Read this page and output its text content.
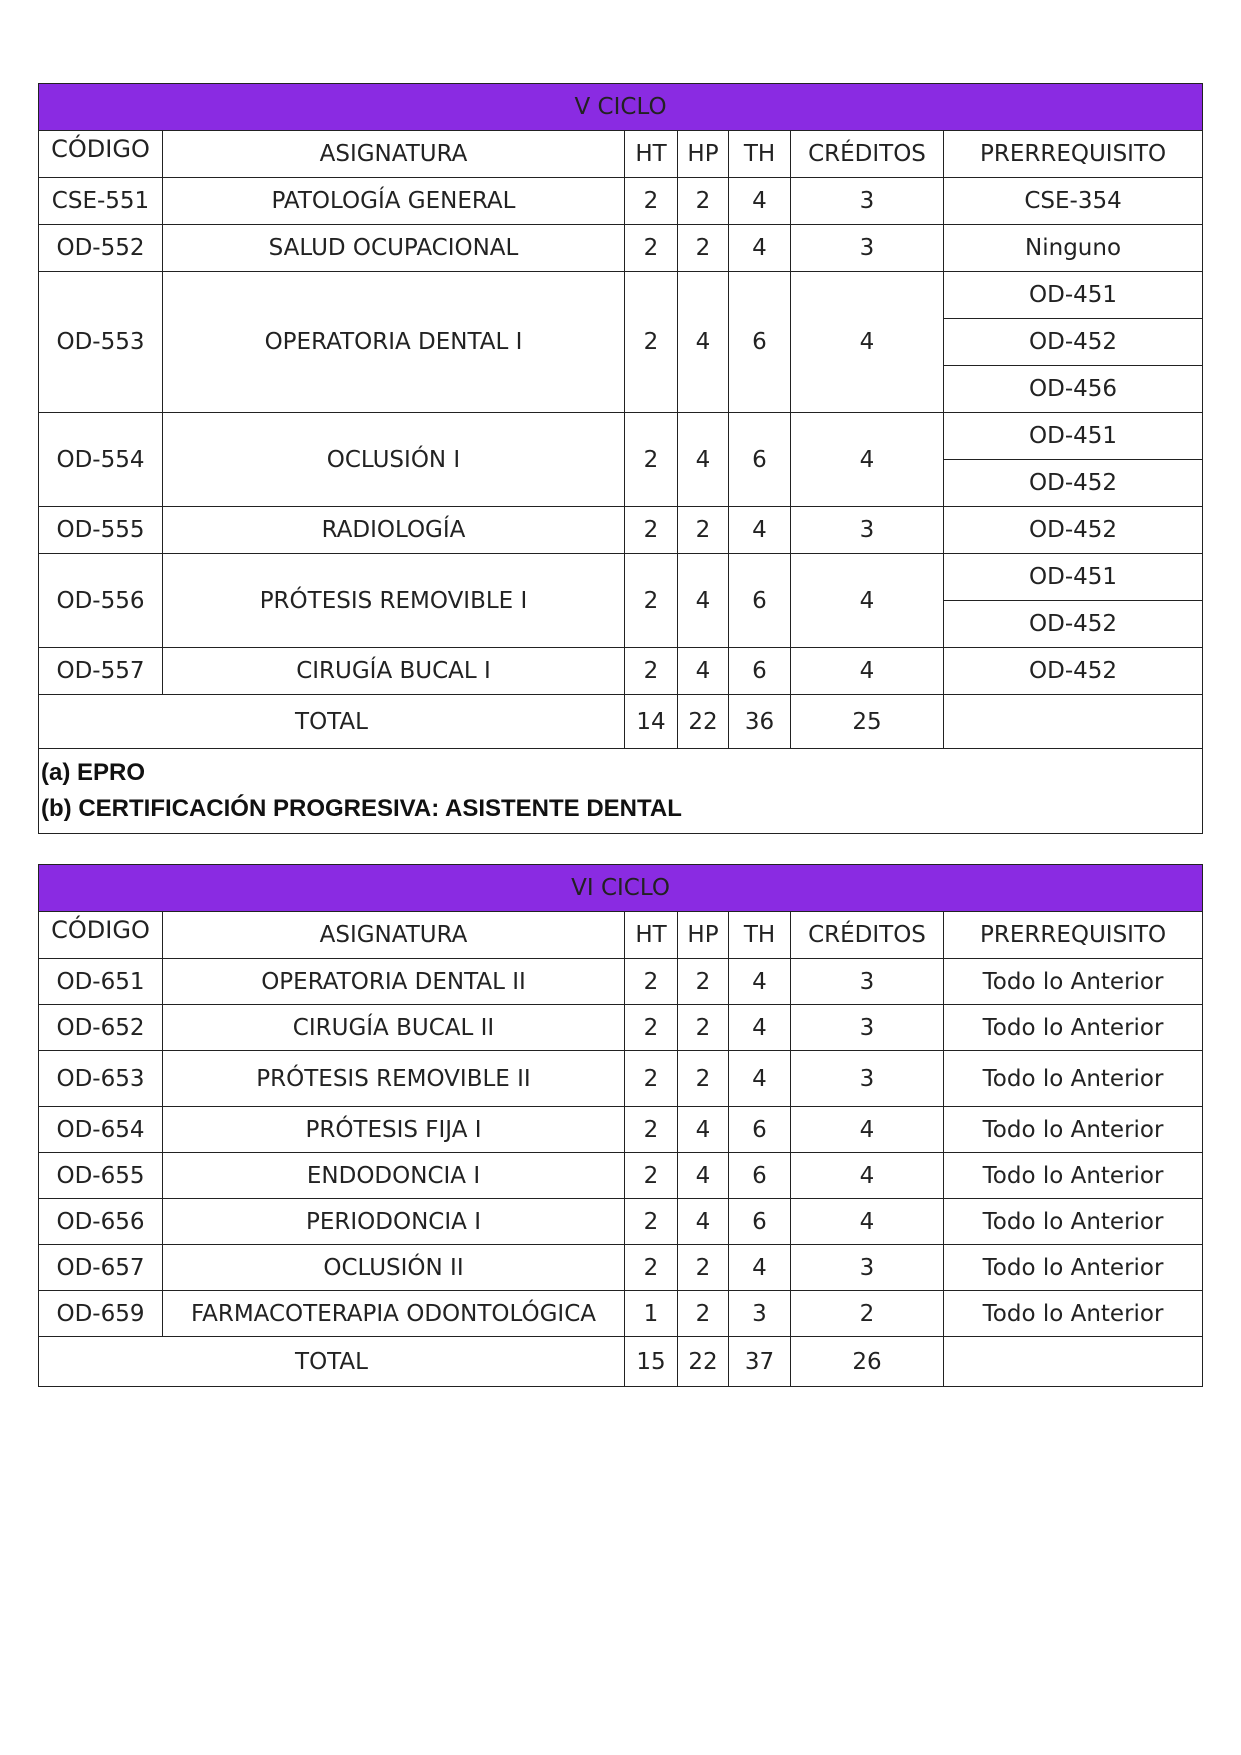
V CICLO						
CÓDIGO	ASIGNATURA	HT	HP	TH	CRÉDITOS	PRERREQUISITO
CSE-551	PATOLOGÍA GENERAL	2	2	4	3	CSE-354
OD-552	SALUD OCUPACIONAL	2	2	4	3	Ninguno
OD-553	OPERATORIA DENTAL I	2	4	6	4	OD-451
						OD-452
						OD-456
OD-554	OCLUSIÓN I	2	4	6	4	OD-451
						OD-452
OD-555	RADIOLOGÍA	2	2	4	3	OD-452
OD-556	PRÓTESIS REMOVIBLE I	2	4	6	4	OD-451
						OD-452
OD-557	CIRUGÍA BUCAL I	2	4	6	4	OD-452
TOTAL		14	22	36	25	

(a) EPRO
(b) CERTIFICACIÓN PROGRESIVA: ASISTENTE DENTAL						
VI CICLO						
CÓDIGO	ASIGNATURA	HT	HP	TH	CRÉDITOS	PRERREQUISITO
OD-651	OPERATORIA DENTAL II	2	2	4	3	Todo lo Anterior
OD-652	CIRUGÍA BUCAL II	2	2	4	3	Todo lo Anterior
OD-653	PRÓTESIS REMOVIBLE II	2	2	4	3	Todo lo Anterior
OD-654	PRÓTESIS FIJA I	2	4	6	4	Todo lo Anterior
OD-655	ENDODONCIA I	2	4	6	4	Todo lo Anterior
OD-656	PERIODONCIA I	2	4	6	4	Todo lo Anterior
OD-657	OCLUSIÓN II	2	2	4	3	Todo lo Anterior
OD-659	FARMACOTERAPIA ODONTOLÓGICA	1	2	3	2	Todo lo Anterior
TOTAL		15	22	37	26	
